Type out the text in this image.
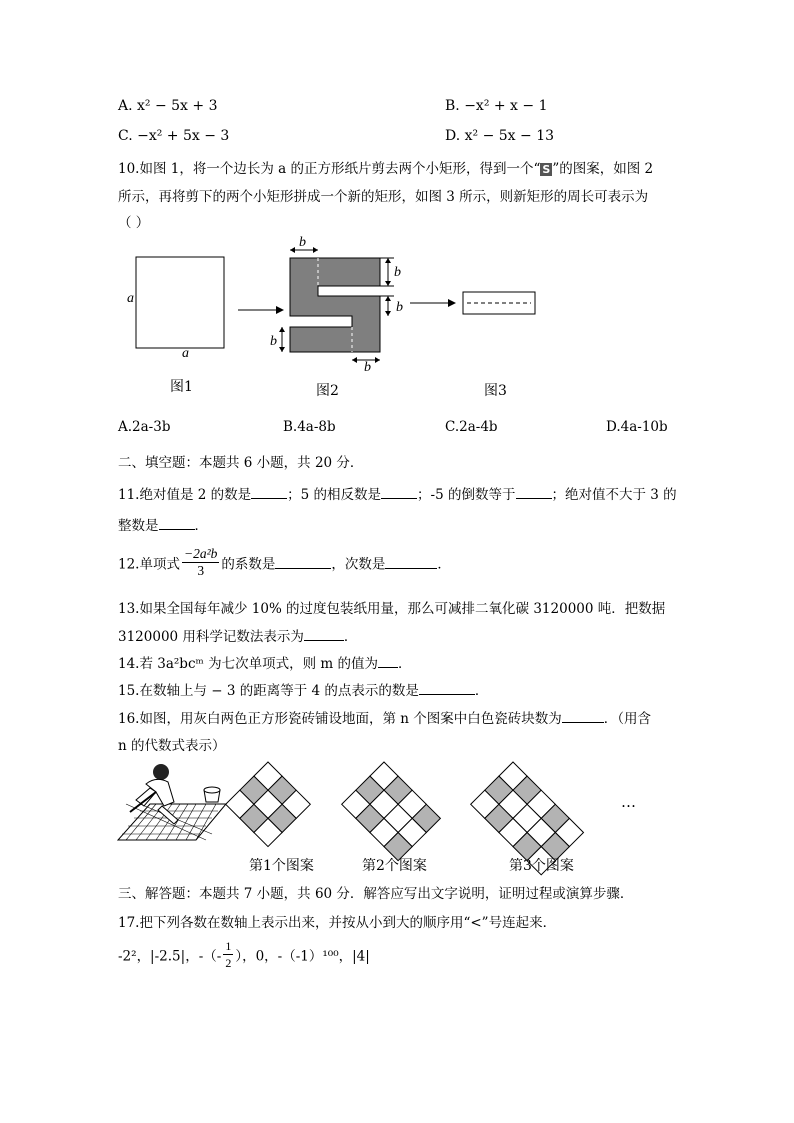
A. x² − 5x + 3	B. −x² + x − 1
C. −x² + 5x − 3	D. x² − 5x − 13
10.如图 1，将一个边长为 a 的正方形纸片剪去两个小矩形，得到一个“ S ”的图案，如图 2
所示，再将剪下的两个小矩形拼成一个新的矩形，如图 3 所示，则新矩形的周长可表示为
（ ）
a
a
b
b
b
b
b
图1	图2	图3
A.2a-3b	B.4a-8b	C.2a-4b	D.4a-10b
二、填空题：本题共 6 小题，共 20 分．
11.绝对值是 2 的数是	；5 的相反数是	；-5 的倒数等于	；绝对值不大于 3 的
整数是	．
12.单项式 $\frac{\text{−2a²b}}{3}$ 的系数是	，次数是	．
13.如果全国每年减少 10% 的过度包装纸用量，那么可减排二氧化碳 3120000 吨．把数据
3120000 用科学记数法表示为	．
14.若 3a²bcᵐ 为七次单项式，则 m 的值为 ．
15.在数轴上与 − 3 的距离等于 4 的点表示的数是	．
16.如图，用灰白两色正方形瓷砖铺设地面，第 n 个图案中白色瓷砖块数为	．（用含
n 的代数式表示）
…
第1个图案	第2个图案	第3个图案
三、解答题：本题共 7 小题，共 60 分．解答应写出文字说明，证明过程或演算步骤．
17.把下列各数在数轴上表示出来，并按从小到大的顺序用“<”号连起来．
-2²，|-2.5|，-（- $\frac{1}{2}$ ），0，-（-1）¹⁰⁰，|4|
